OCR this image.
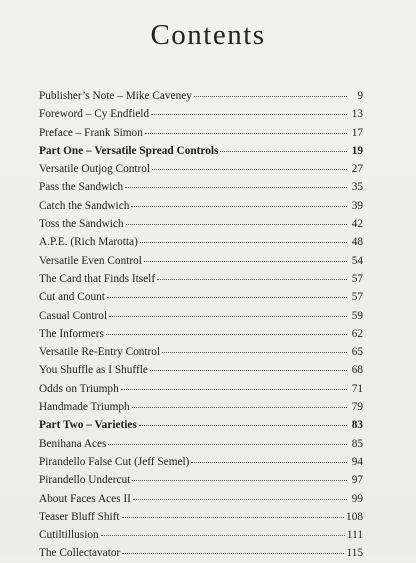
Contents
Publisher’s Note – Mike Caveney	9
Foreword – Cy Endfield	13
Preface – Frank Simon	17
Part One – Versatile Spread Controls	19
Versatile Outjog Control	27
Pass the Sandwich	35
Catch the Sandwich	39
Toss the Sandwich	42
A.P.E. (Rich Marotta)	48
Versatile Even Control	54
The Card that Finds Itself	57
Cut and Count	57
Casual Control	59
The Informers	62
Versatile Re-Entry Control	65
You Shuffle as I Shuffle	68
Odds on Triumph	71
Handmade Triumph	79
Part Two – Varieties	83
Benihana Aces	85
Pirandello False Cut (Jeff Semel)	94
Pirandello Undercut	97
About Faces Aces II	99
Teaser Bluff Shift	108
Cutiltillusion	111
The Collectavator	115
